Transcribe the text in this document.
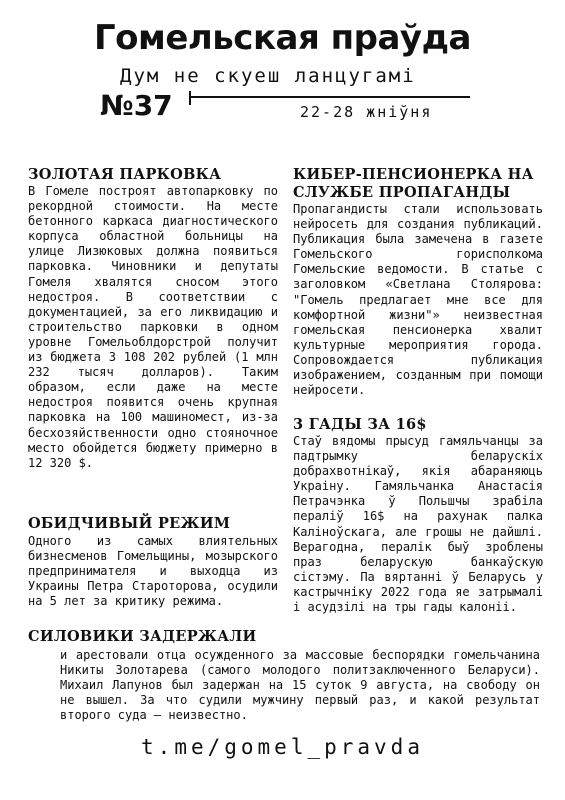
Гомельская праўда
Дум не скуеш ланцугамі
№37	22-28 жніўня
ЗОЛОТАЯ ПАРКОВКА

В Гомеле построят автопарковку по рекордной стоимости. На месте бетонного каркаса диагностического корпуса областной больницы на улице Лизюковых должна появиться парковка. Чиновники и депутаты Гомеля хвалятся сносом этого недостроя. В соответствии с документацией, за его ликвидацию и строительство парковки в одном уровне Гомельоблдорстрой получит из бюджета 3 108 202 рублей (1 млн 232 тысяч долларов). Таким образом, если даже на месте недостроя появится очень крупная парковка на 100 машиномест, из-за бесхозяйственности одно стояночное место обойдется бюджету примерно в 12 320 $.

ОБИДЧИВЫЙ РЕЖИМ

Одного из самых влиятельных бизнесменов Гомельщины, мозырского предпринимателя и выходца из Украины Петра Староторова, осудили на 5 лет за критику режима.

КИБЕР-ПЕНСИОНЕРКА НА СЛУЖБЕ ПРОПАГАНДЫ

Пропагандисты стали использовать нейросеть для создания публикаций. Публикация была замечена в газете Гомельского горисполкома Гомельские ведомости. В статье с заголовком «Светлана Столярова: "Гомель предлагает мне все для комфортной жизни"» неизвестная гомельская пенсионерка хвалит культурные мероприятия города. Сопровождается публикация изображением, созданным при помощи нейросети.

3 ГАДЫ ЗА 16$

Стаў вядомы прысуд гамяльчанцы за падтрымку беларускіх добрахвотнікаў, якія абараняюць Украіну. Гамяльчанка Анастасія Петрачэнка ў Польшчы зрабіла пераліў 16$ на рахунак палка Каліноўскага, але грошы не дайшлі. Верагодна, пералік быў зроблены праз беларускую банкаўскую сістэму. Па вяртанні ў Беларусь у кастрычніку 2022 года яе затрымалі і асудзілі на тры гады калоніі.

СИЛОВИКИ ЗАДЕРЖАЛИ

и арестовали отца осужденного за массовые беспорядки гомельчанина Никиты Золотарева (самого молодого политзаключенного Беларуси). Михаил Лапунов был задержан на 15 суток 9 августа, на свободу он не вышел. За что судили мужчину первый раз, и какой результат второго суда — неизвестно.

t.me/gomel_pravda
